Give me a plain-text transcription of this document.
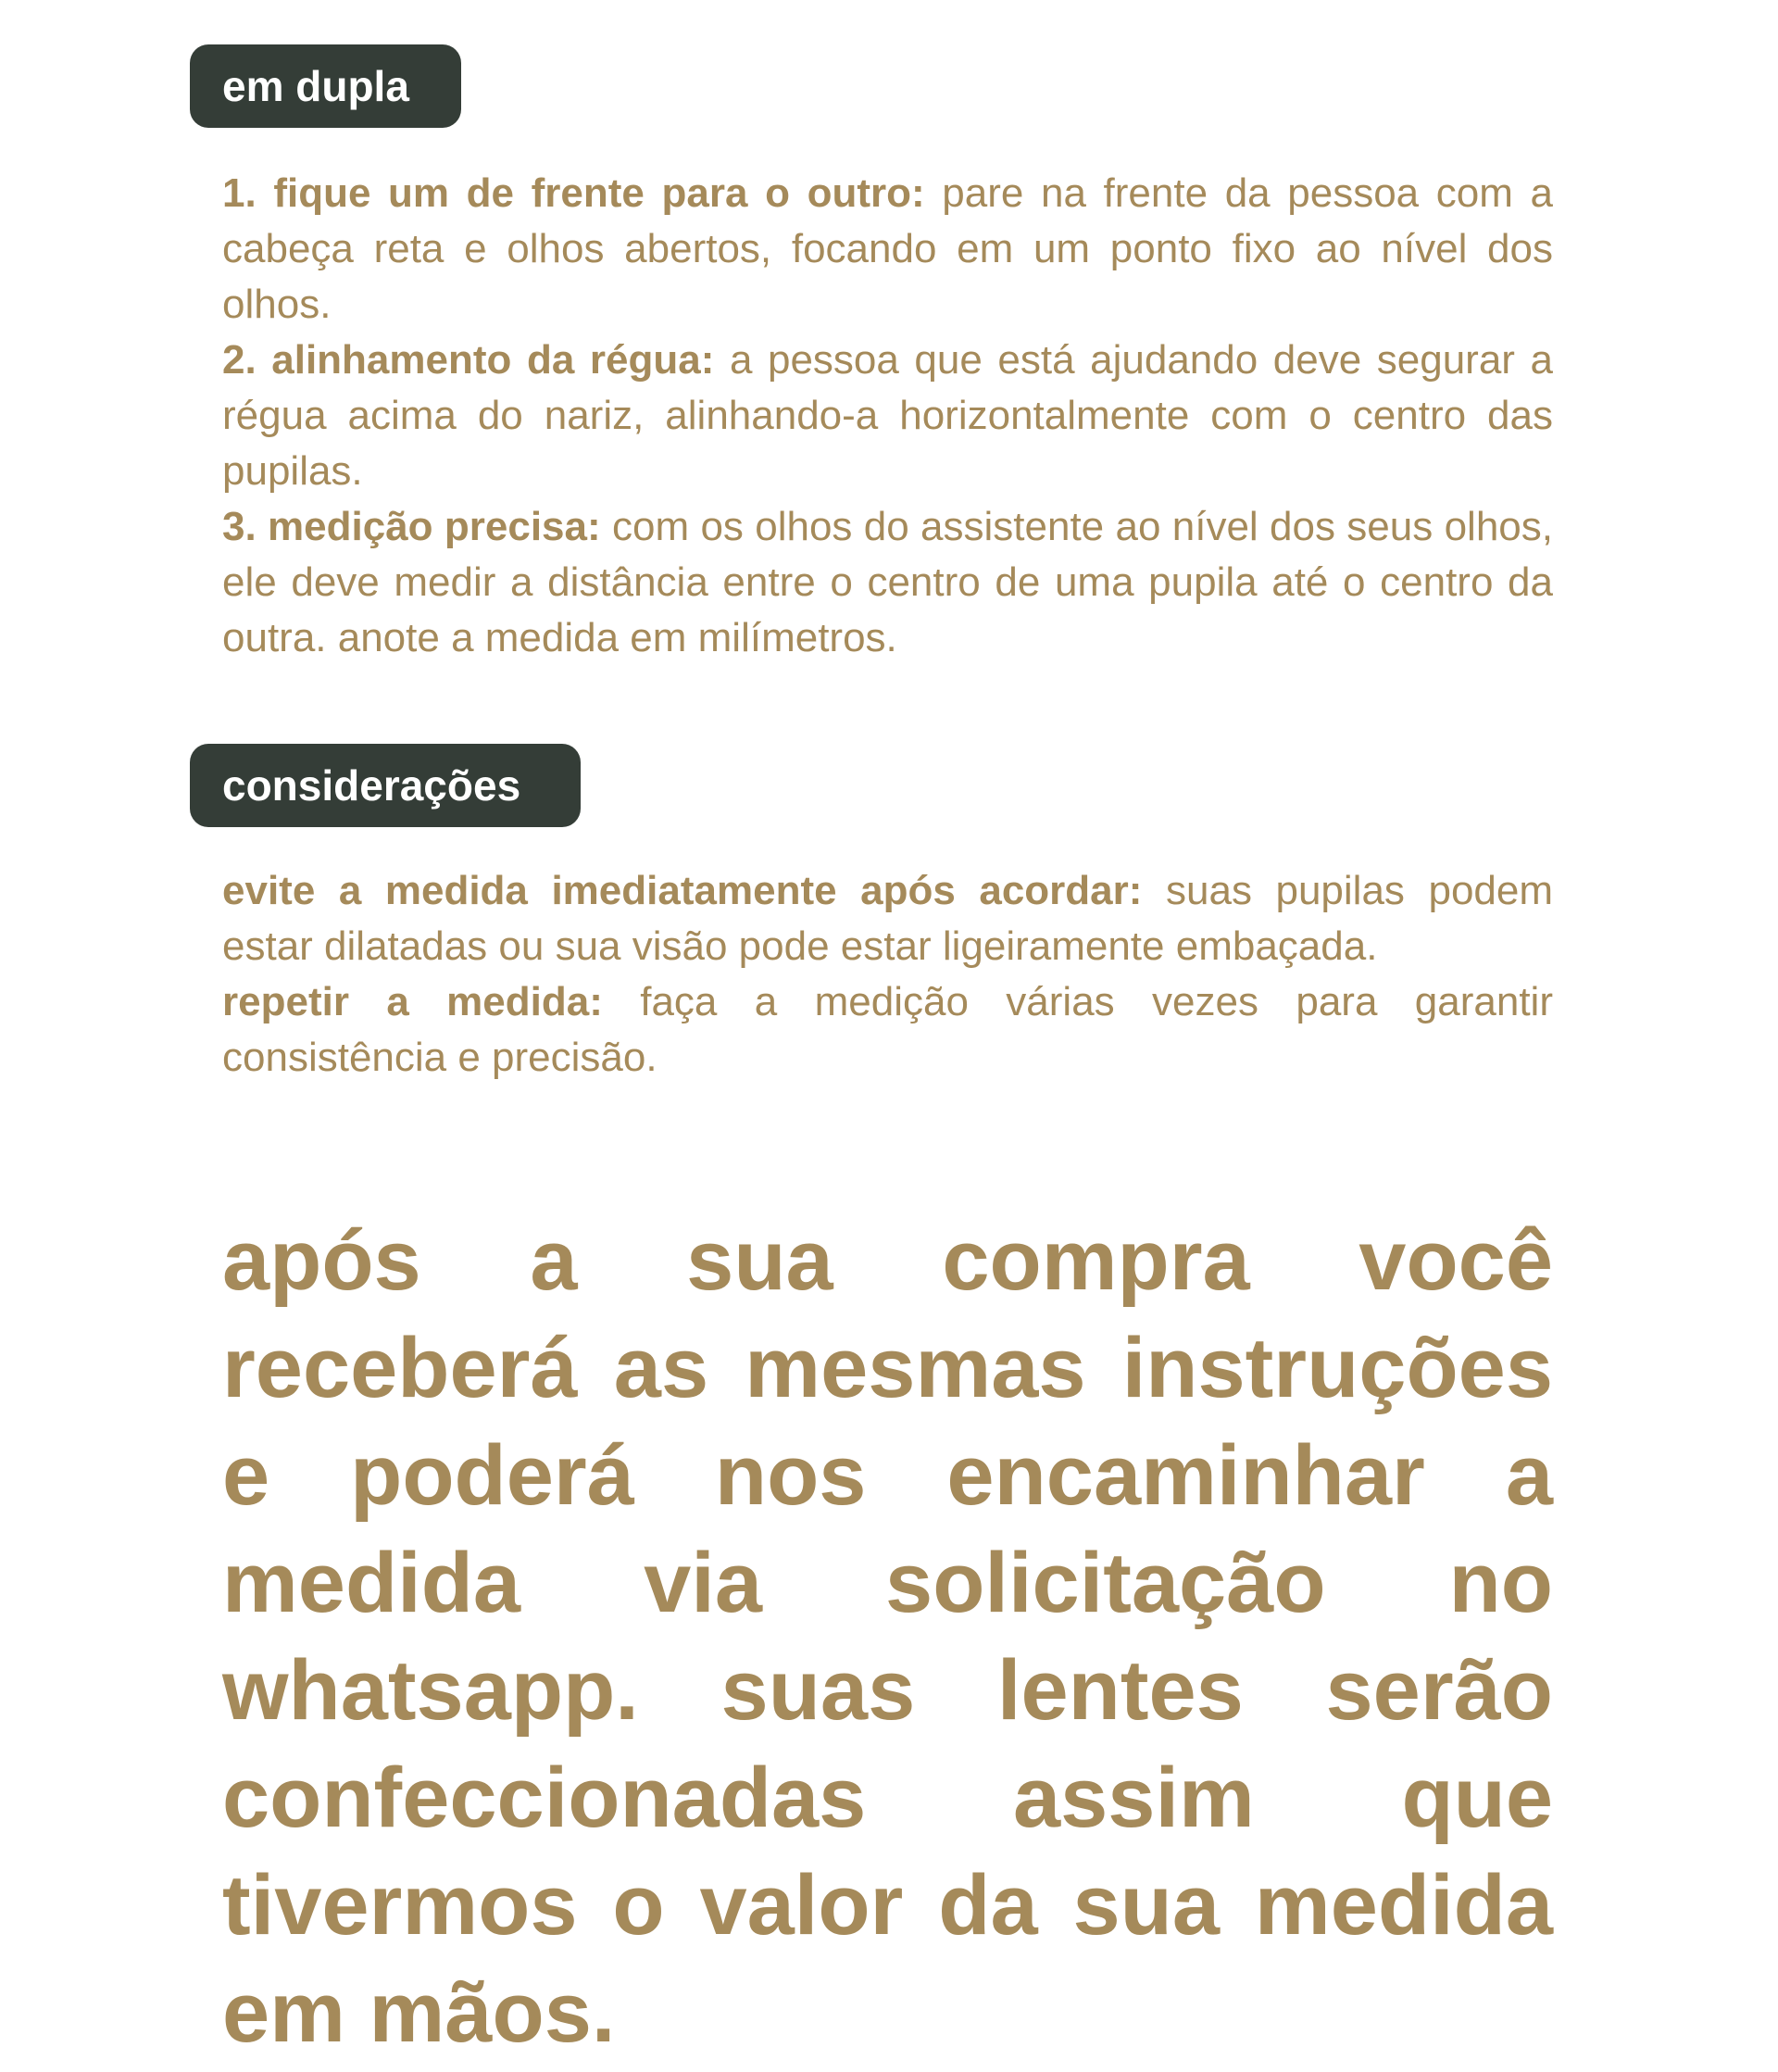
em dupla

1. fique um de frente para o outro: pare na frente da pessoa com a cabeça reta e olhos abertos, focando em um ponto fixo ao nível dos olhos.

2. alinhamento da régua: a pessoa que está ajudando deve segurar a régua acima do nariz, alinhando-a horizontalmente com o centro das pupilas.

3. medição precisa: com os olhos do assistente ao nível dos seus olhos, ele deve medir a distância entre o centro de uma pupila até o centro da outra. anote a medida em milímetros.

considerações

evite a medida imediatamente após acordar: suas pupilas podem estar dilatadas ou sua visão pode estar ligeiramente embaçada.

repetir a medida: faça a medição várias vezes para garantir consistência e precisão.

após a sua compra você receberá as mesmas instruções e poderá nos encaminhar a medida via solicitação no whatsapp. suas lentes serão confeccionadas assim que tivermos o valor da sua medida em mãos.
